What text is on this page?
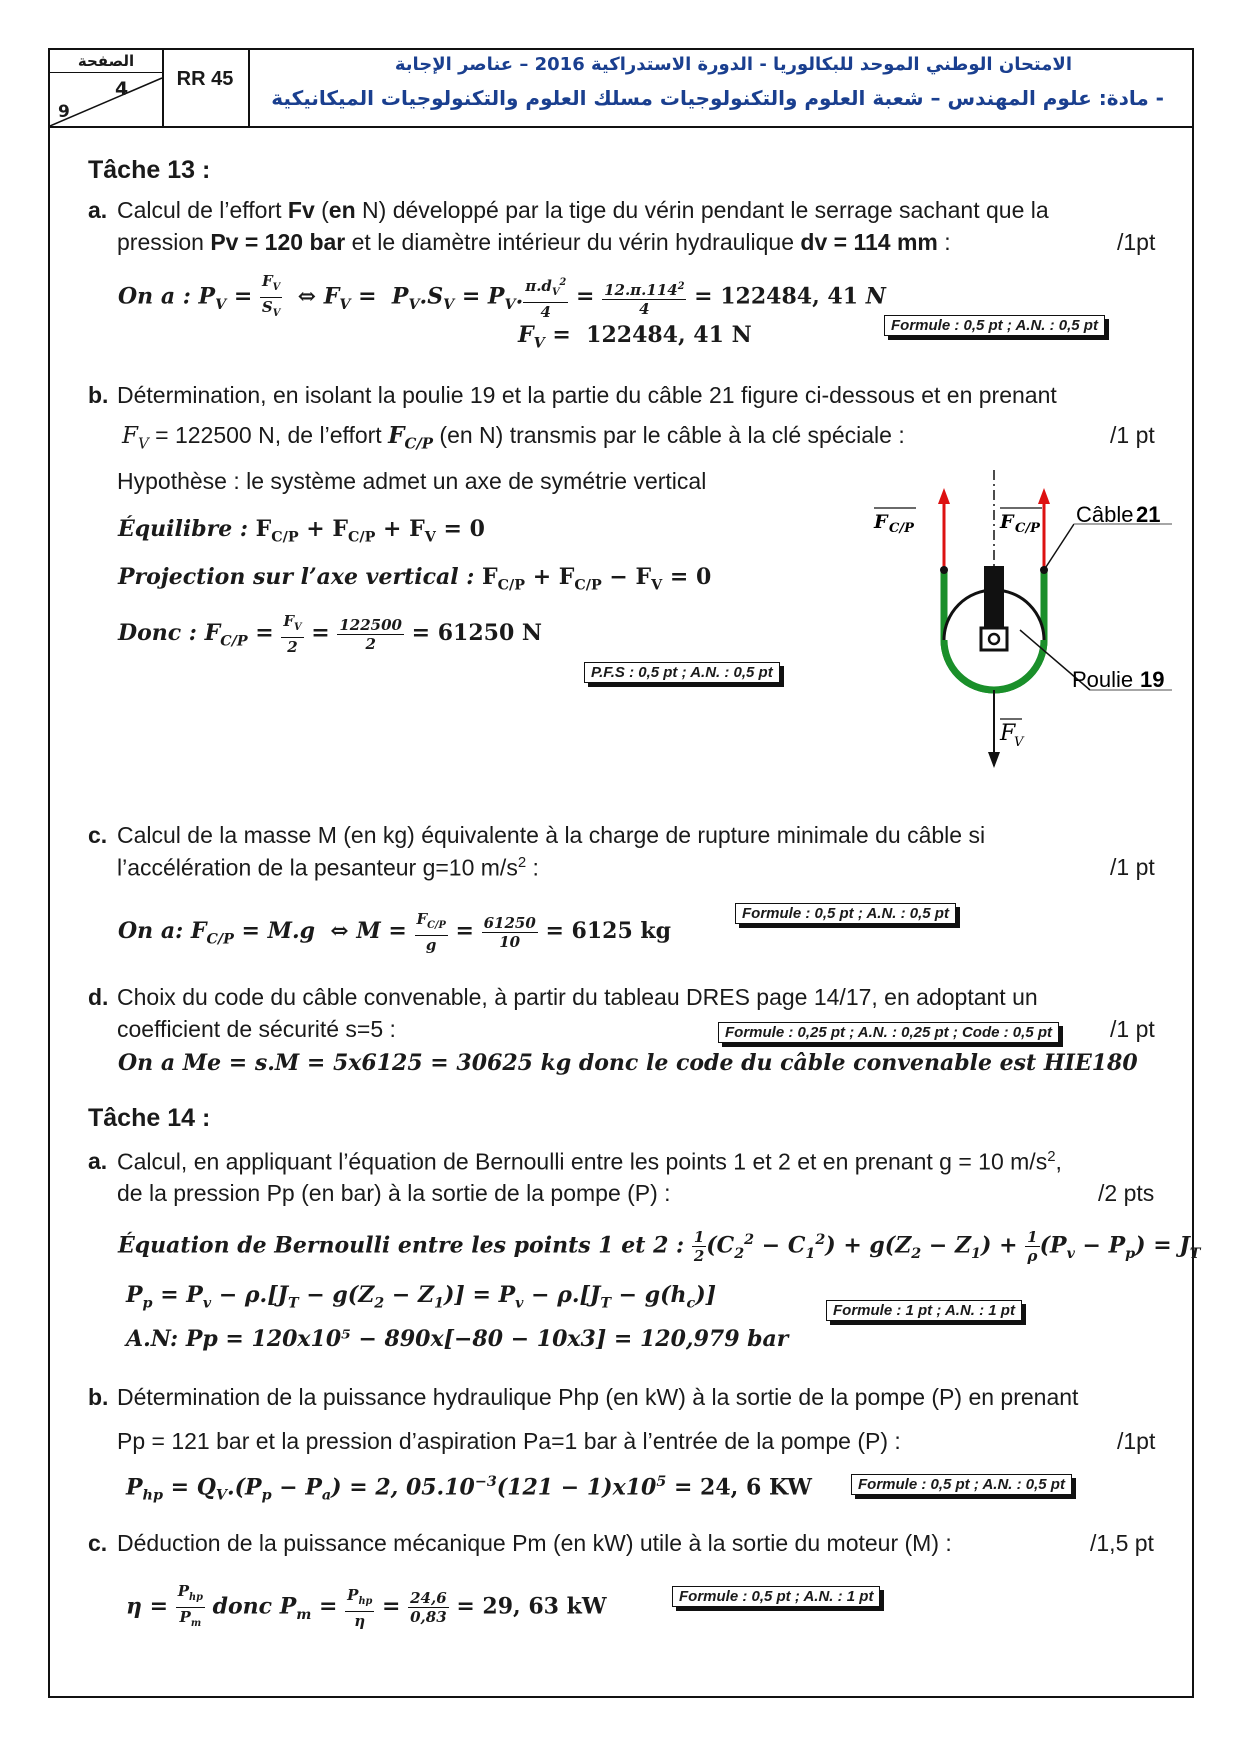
الصفحة
4
9
RR 45
الامتحان الوطني الموحد للبكالوريا - الدورة الاستدراكية 2016 – عناصر الإجابة
- مادة: علوم المهندس – شعبة العلوم والتكنولوجيات مسلك العلوم والتكنولوجيات الميكانيكية
Tâche 13 :
a. Calcul de l’effort Fv (en N) développé par la tige du vérin pendant le serrage sachant que la
pression Pv = 120 bar et le diamètre intérieur du vérin hydraulique dv = 114 mm :	/1pt
On a : $P_V = \frac{F_V}{S_V}$ ⇔ $F_V = P_V.S_V = P_V$. $\frac{\pi.d_V^2}{4} = \frac{12.\pi.114^2}{4} = 122484$, 41 N
$F_V = 122484$, 41 N	Formule : 0,5 pt ; A.N. : 0,5 pt
b. Détermination, en isolant la poulie 19 et la partie du câble 21 figure ci-dessous et en prenant
$F_V = 122500$ N, de l’effort $F_{C/P}$ (en N) transmis par le câble à la clé spéciale :	/1 pt
Hypothèse : le système admet un axe de symétrie vertical
Équilibre : $F_{C/P} + F_{C/P} + F_V = 0$
Projection sur l’axe vertical : $F_{C/P} + F_{C/P} - F_V = 0$
Donc : $F_{C/P} = \frac{F_V}{2} = \frac{122500}{2} = 61250$ N
P.F.S : 0,5 pt ; A.N. : 0,5 pt
F C/P	F C/P
Câble 21
Poulie 19
F
V
c. Calcul de la masse M (en kg) équivalente à la charge de rupture minimale du câble si
l’accélération de la pesanteur g=10 $m/s^2$ :	/1 pt
On a: $F_{C/P} = M.g$  ⇔ $M = \frac{F_{C/P}}{g} = \frac{61250}{10} = 6125$ kg
Formule : 0,5 pt ; A.N. : 0,5 pt
d. Choix du code du câble convenable, à partir du tableau DRES page 14/17, en adoptant un
coefficient de sécurité s=5 :	/1 pt
Formule : 0,25 pt ; A.N. : 0,25 pt ; Code : 0,5 pt
On a Me = s.M = 5x6125 = 30625 kg donc le code du câble convenable est HIE180
Tâche 14 :
a. Calcul, en appliquant l’équation de Bernoulli entre les points 1 et 2 et en prenant g = 10 $m/s^2$,
de la pression Pp (en bar) à la sortie de la pompe (P) :	/2 pts
Équation de Bernoulli entre les points 1 et 2 : $\frac{1}{2} (C_2^2 - C_1^2) + g(Z_2 - Z_1) + \frac{1}{\rho} (P_v - P_p) = J_T$
$P_p = P_v - \rho.[J_T - g(Z_2 - Z_1)] = P_v - \rho.[J_T - g(h_c)]$
A.N: Pp = 120x10⁵ − 890x[−80 − 10x3] = 120,979 bar
Formule : 1 pt ; A.N. : 1 pt
b. Détermination de la puissance hydraulique Php (en kW) à la sortie de la pompe (P) en prenant
Pp = 121 bar et la pression d’aspiration Pa=1 bar à l’entrée de la pompe (P) :	/1pt
$P_{hp} = Q_V.(P_p - P_a) = 2$, $05.10^{-3}(121 - 1)x10^5 = 24$, 6 KW	Formule : 0,5 pt ; A.N. : 0,5 pt
c. Déduction de la puissance mécanique Pm (en kW) utile à la sortie du moteur (M) :	/1,5 pt
$\eta = \frac{P_{hp}}{P_m}$ donc $P_m = \frac{P_{hp}}{\eta} = \frac{24,6}{0,83} = 29$, 63 kW	Formule : 0,5 pt ; A.N. : 1 pt
